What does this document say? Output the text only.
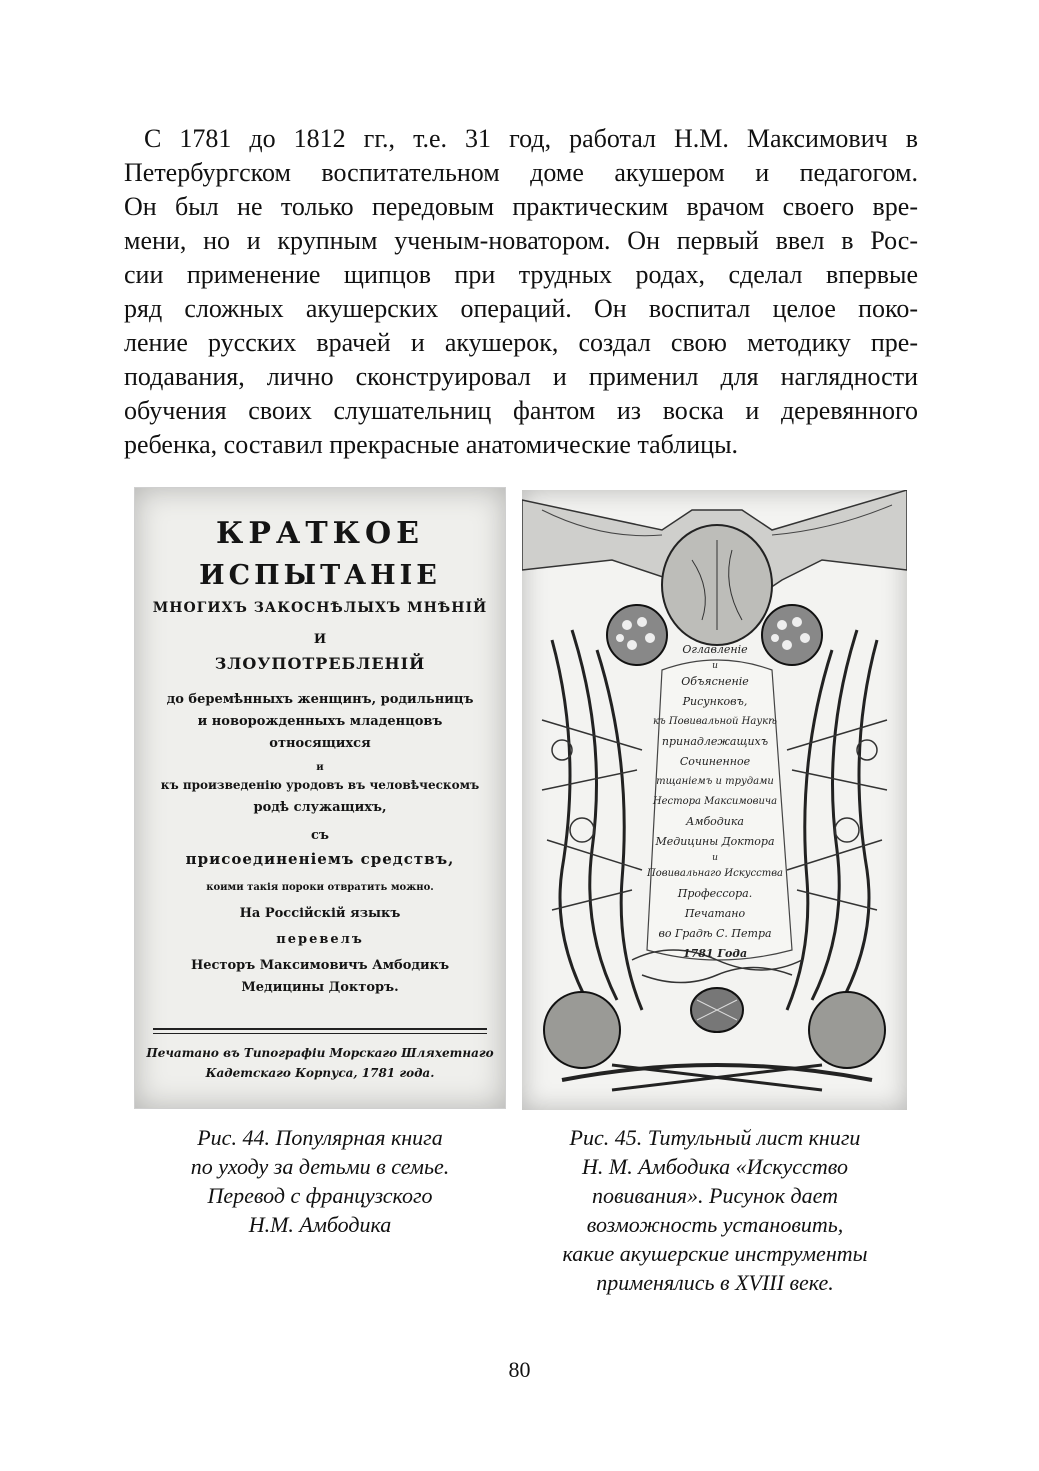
С 1781 до 1812 гг., т.е. 31 год, работал Н.М. Максимович в
Петербургском воспитательном доме акушером и педагогом.
Он был не только передовым практическим врачом своего вре-
мени, но и крупным ученым-новатором. Он первый ввел в Рос-
сии применение щипцов при трудных родах, сделал впервые
ряд сложных акушерских операций. Он воспитал целое поко-
ление русских врачей и акушерок, создал свою методику пре-
подавания, лично сконструировал и применил для наглядности
обучения своих слушательниц фантом из воска и деревянного
ребенка, составил прекрасные анатомические таблицы.

КРАТКОЕ
ИСПЫТАНІЕ
МНОГИХЪ ЗАКОСНѢЛЫХЪ МНѢНІЙ
И
ЗЛОУПОТРЕБЛЕНІЙ
до беремѣнныхъ женщинъ, родильницъ
и новорожденныхъ младенцовъ
относящихся
и
къ произведенію уродовъ въ человѣческомъ
родѣ служащихъ,
съ
присоединенiемъ средствъ,
коими такія пороки отвратить можно.
На Россійскій языкъ
перевелъ
Несторъ Максимовичъ Амбодикъ
Медицины Докторъ.
Печатано въ Типографіи Морскаго Шляхетнаго
Кадетскаго Корпуса, 1781 года.
Оглавленіе
и
Объясненіе
Рисунковъ,
къ Повивальной Наукѣ
принадлежащихъ
Сочиненное
тщаніемъ и трудами
Нестора Максимовича
Амбодика
Медицины Доктора
и
Повивальнаго Искусства
Профессора.
Печатано
во Градѣ С. Петра
1781 Года
Рис. 44. Популярная книга
по уходу за детьми в семье.
Перевод с французского
Н.М. Амбодика
Рис. 45. Титульный лист книги
Н. М. Амбодика «Искусство
повивания». Рисунок дает
возможность установить,
какие акушерские инструменты
применялись в XVIII веке.
80
